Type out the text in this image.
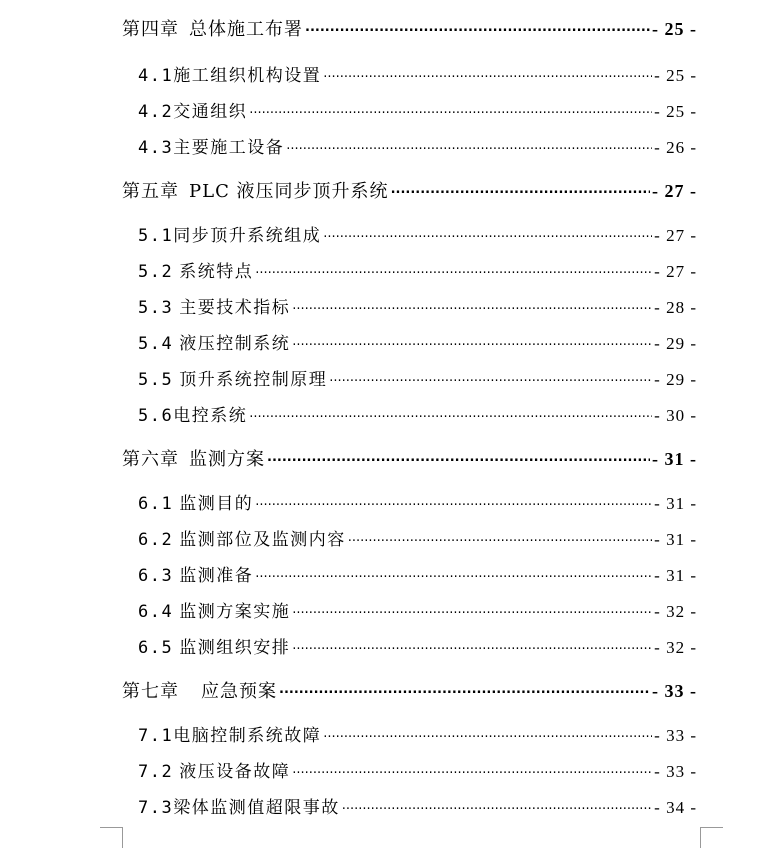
第四章 总体施工布署 .....	- 25 -
4.1 施工组织机构设置 .....	- 25 -
4.2 交通组织 .....	- 25 -
4.3 主要施工设备 .....	- 26 -
第五章 PLC 液压同步顶升系统 .....	- 27 -
5.1 同步顶升系统组成 .....	- 27 -
5.2 系统特点 .....	- 27 -
5.3 主要技术指标 .....	- 28 -
5.4 液压控制系统 .....	- 29 -
5.5 顶升系统控制原理 .....	- 29 -
5.6 电控系统 .....	- 30 -
第六章 监测方案 .....	- 31 -
6.1 监测目的 .....	- 31 -
6.2 监测部位及监测内容 .....	- 31 -
6.3 监测准备 .....	- 31 -
6.4 监测方案实施 .....	- 32 -
6.5 监测组织安排 .....	- 32 -
第七章 应急预案 .....	- 33 -
7.1 电脑控制系统故障 .....	- 33 -
7.2 液压设备故障 .....	- 33 -
7.3 梁体监测值超限事故 .....	- 34 -
